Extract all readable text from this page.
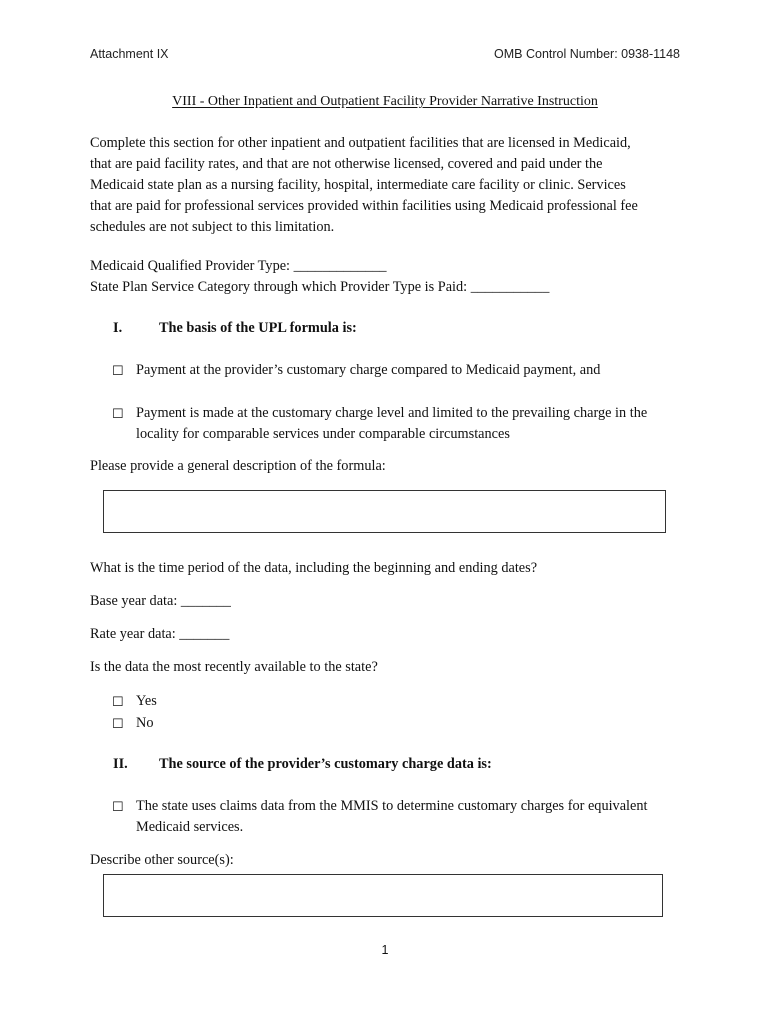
Attachment IX	OMB Control Number: 0938-1148
VIII - Other Inpatient and Outpatient Facility Provider Narrative Instruction
Complete this section for other inpatient and outpatient facilities that are licensed in Medicaid,
that are paid facility rates, and that are not otherwise licensed, covered and paid under the
Medicaid state plan as a nursing facility, hospital, intermediate care facility or clinic. Services
that are paid for professional services provided within facilities using Medicaid professional fee
schedules are not subject to this limitation.
Medicaid Qualified Provider Type: _____________
State Plan Service Category through which Provider Type is Paid: ___________
I.	The basis of the UPL formula is:
☐ Payment at the provider’s customary charge compared to Medicaid payment, and
☐ Payment is made at the customary charge level and limited to the prevailing charge in the
locality for comparable services under comparable circumstances
Please provide a general description of the formula:
What is the time period of the data, including the beginning and ending dates?
Base year data: _______
Rate year data: _______
Is the data the most recently available to the state?
☐ Yes
☐ No
II. The source of the provider’s customary charge data is:
☐ The state uses claims data from the MMIS to determine customary charges for equivalent
Medicaid services.
Describe other source(s):
1
